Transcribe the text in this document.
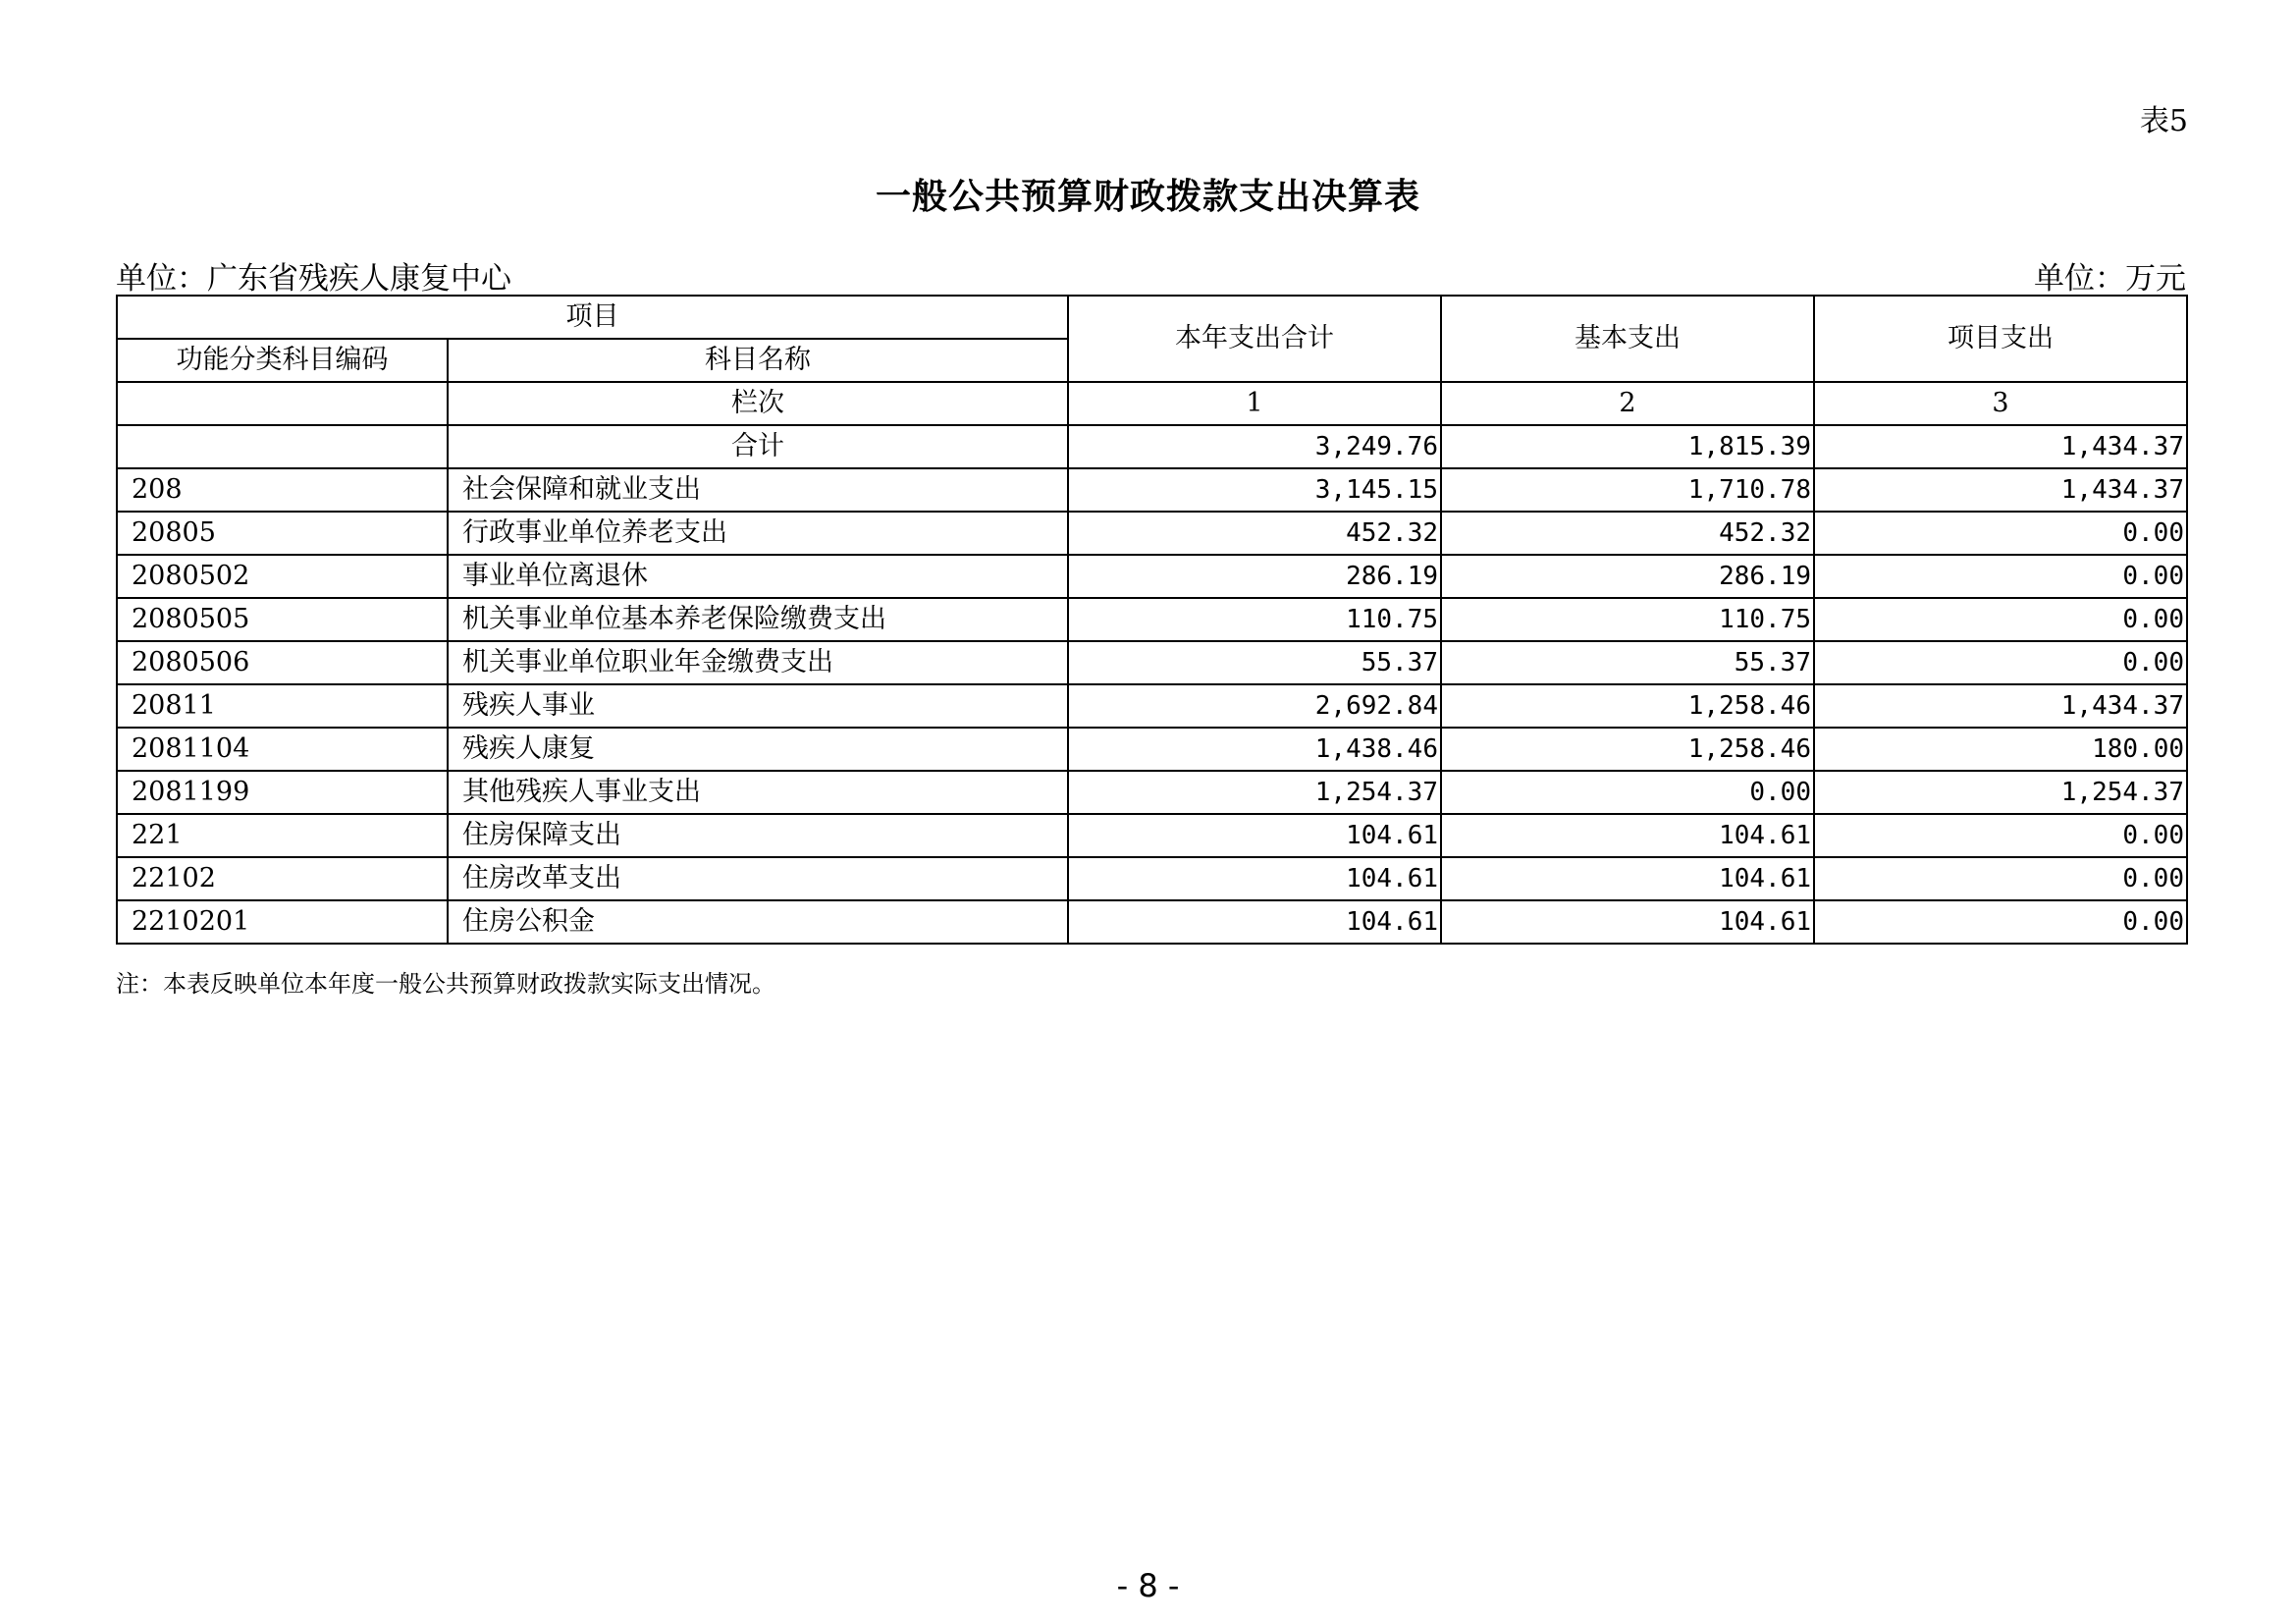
表5
一般公共预算财政拨款支出决算表
单位：广东省残疾人康复中心	单位：万元
项目		本年支出合计	基本支出	项目支出
功能分类科目编码	科目名称			
	栏次	1	2	3
	合计	3,249.76	1,815.39	1,434.37
208	社会保障和就业支出	3,145.15	1,710.78	1,434.37
20805	行政事业单位养老支出	452.32	452.32	0.00
2080502	事业单位离退休	286.19	286.19	0.00
2080505	机关事业单位基本养老保险缴费支出	110.75	110.75	0.00
2080506	机关事业单位职业年金缴费支出	55.37	55.37	0.00
20811	残疾人事业	2,692.84	1,258.46	1,434.37
2081104	残疾人康复	1,438.46	1,258.46	180.00
2081199	其他残疾人事业支出	1,254.37	0.00	1,254.37
221	住房保障支出	104.61	104.61	0.00
22102	住房改革支出	104.61	104.61	0.00
2210201	住房公积金	104.61	104.61	0.00
注：本表反映单位本年度一般公共预算财政拨款实际支出情况。
- 8 -
